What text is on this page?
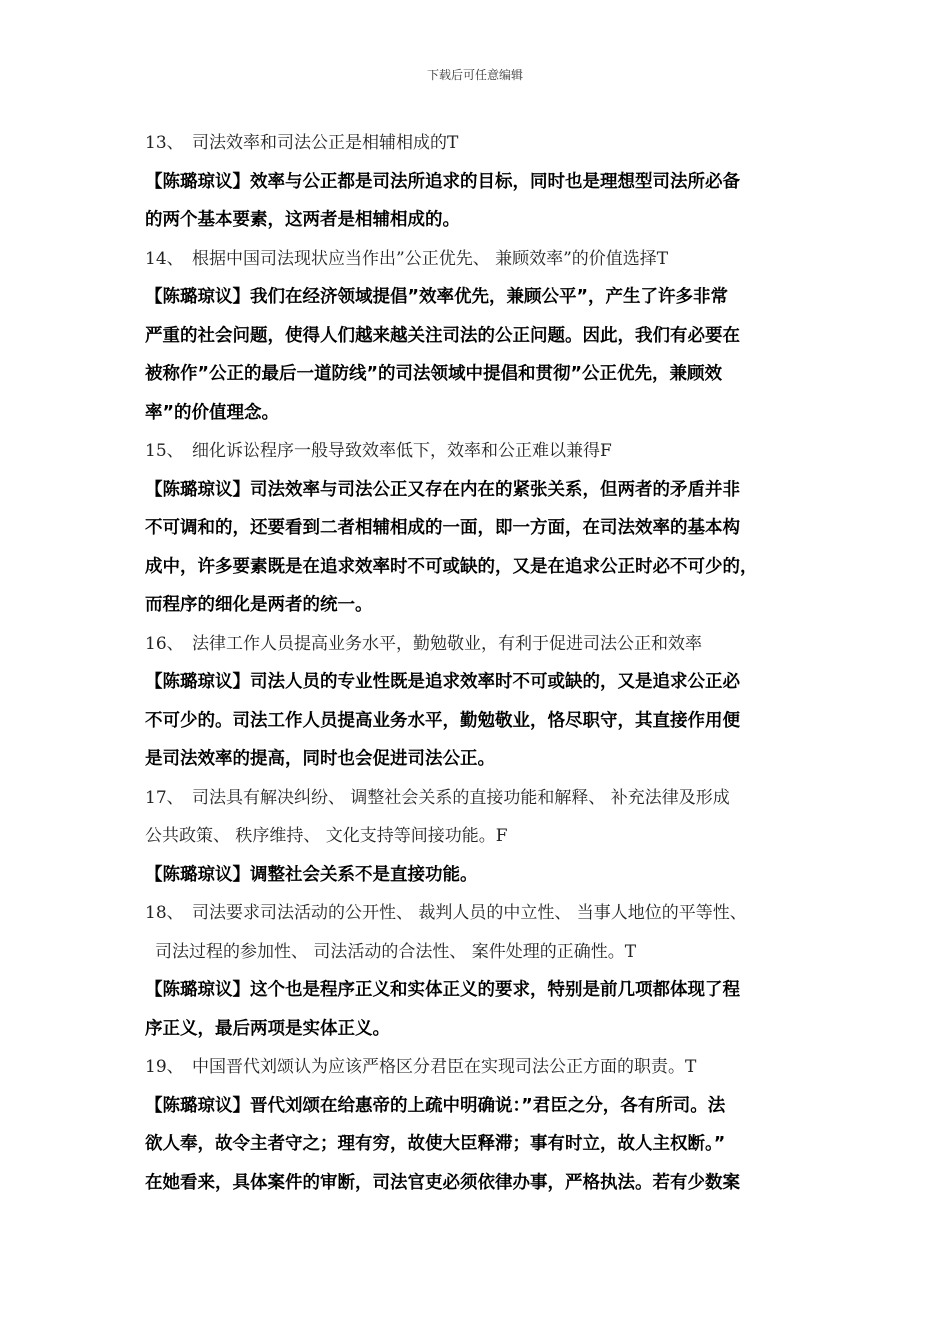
下载后可任意编辑
13、 司法效率和司法公正是相辅相成的T
【陈璐琼议】效率与公正都是司法所追求的目标，同时也是理想型司法所必备
的两个基本要素，这两者是相辅相成的。
14、 根据中国司法现状应当作出”公正优先、 兼顾效率”的价值选择T
【陈璐琼议】我们在经济领域提倡”效率优先，兼顾公平”，产生了许多非常
严重的社会问题，使得人们越来越关注司法的公正问题。因此，我们有必要在
被称作”公正的最后一道防线”的司法领域中提倡和贯彻”公正优先，兼顾效
率”的价值理念。
15、 细化诉讼程序一般导致效率低下，效率和公正难以兼得F
【陈璐琼议】司法效率与司法公正又存在内在的紧张关系，但两者的矛盾并非
不可调和的，还要看到二者相辅相成的一面，即一方面，在司法效率的基本构
成中，许多要素既是在追求效率时不可或缺的，又是在追求公正时必不可少的，
而程序的细化是两者的统一。
16、 法律工作人员提高业务水平，勤勉敬业，有利于促进司法公正和效率
【陈璐琼议】司法人员的专业性既是追求效率时不可或缺的，又是追求公正必
不可少的。司法工作人员提高业务水平，勤勉敬业，恪尽职守，其直接作用便
是司法效率的提高，同时也会促进司法公正。
17、 司法具有解决纠纷、 调整社会关系的直接功能和解释、 补充法律及形成
公共政策、 秩序维持、 文化支持等间接功能。F
【陈璐琼议】调整社会关系不是直接功能。
18、 司法要求司法活动的公开性、 裁判人员的中立性、 当事人地位的平等性、
司法过程的参加性、 司法活动的合法性、 案件处理的正确性。T
【陈璐琼议】这个也是程序正义和实体正义的要求，特别是前几项都体现了程
序正义，最后两项是实体正义。
19、 中国晋代刘颂认为应该严格区分君臣在实现司法公正方面的职责。T
【陈璐琼议】晋代刘颂在给惠帝的上疏中明确说：”君臣之分，各有所司。法
欲人奉，故令主者守之；理有穷，故使大臣释滞；事有时立，故人主权断。”
在她看来，具体案件的审断，司法官吏必须依律办事，严格执法。若有少数案
